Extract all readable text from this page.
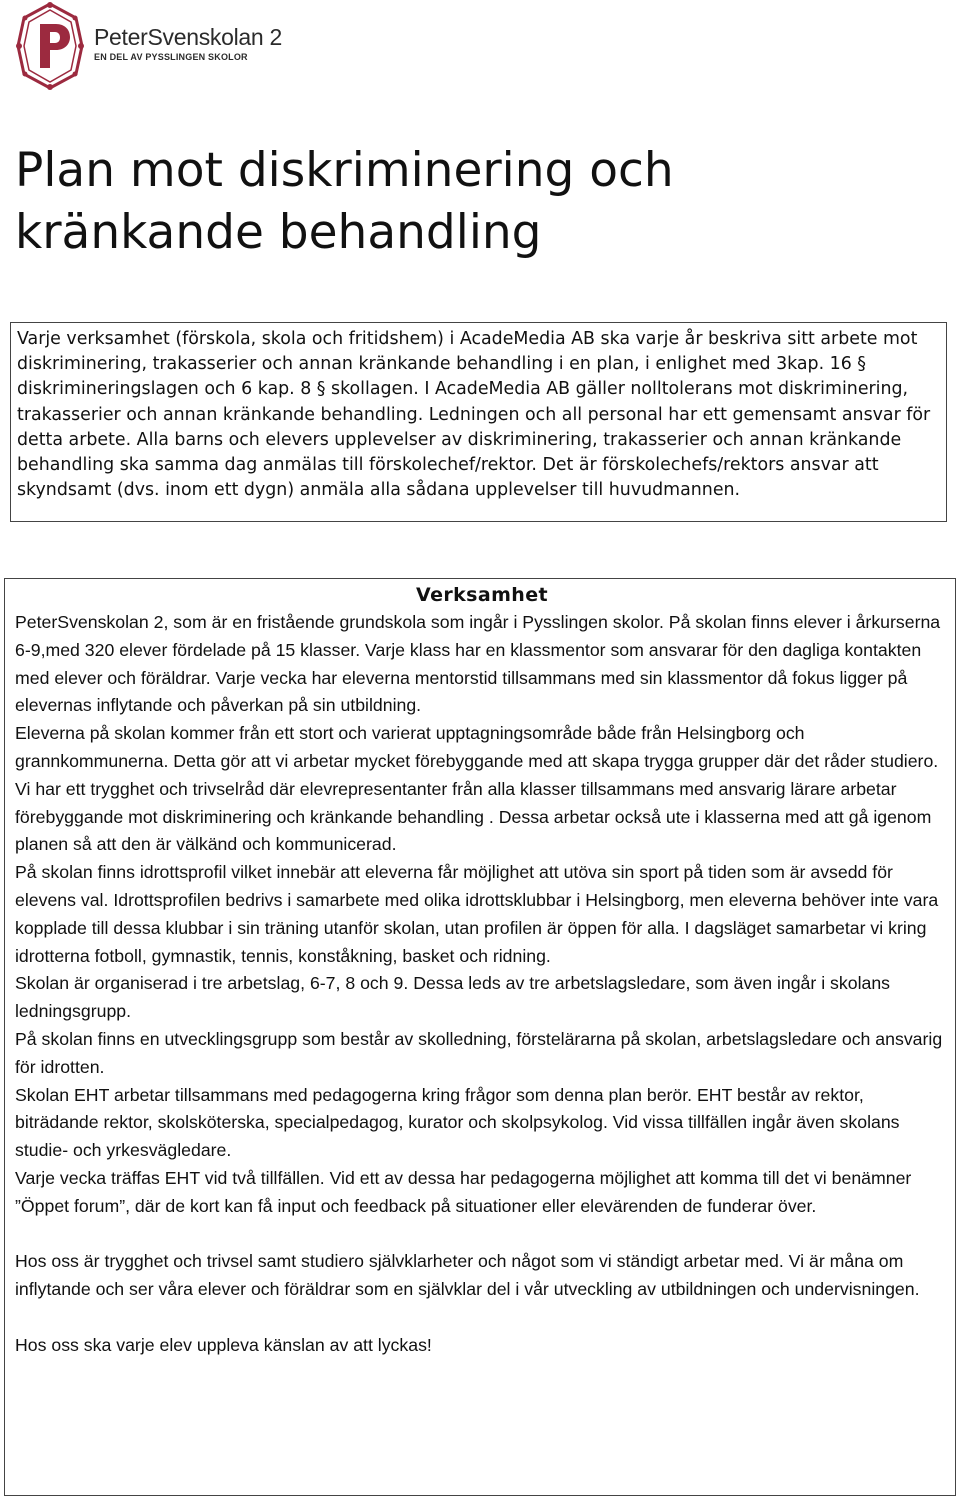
PeterSvenskolan 2
EN DEL AV PYSSLINGEN SKOLOR
Plan mot diskriminering och kränkande behandling
Varje verksamhet (förskola, skola och fritidshem) i AcadeMedia AB ska varje år beskriva sitt arbete mot diskriminering, trakasserier och annan kränkande behandling i en plan, i enlighet med 3kap. 16 § diskrimineringslagen och 6 kap. 8 § skollagen. I AcadeMedia AB gäller nolltolerans mot diskriminering, trakasserier och annan kränkande behandling. Ledningen och all personal har ett gemensamt ansvar för detta arbete. Alla barns och elevers upplevelser av diskriminering, trakasserier och annan kränkande behandling ska samma dag anmälas till förskolechef/rektor. Det är förskolechefs/rektors ansvar att skyndsamt (dvs. inom ett dygn) anmäla alla sådana upplevelser till huvudmannen.
Verksamhet

PeterSvenskolan 2, som är en fristående grundskola som ingår i Pysslingen skolor. På skolan finns elever i årkurserna 6-9,med 320 elever fördelade på 15 klasser. Varje klass har en klassmentor som ansvarar för den dagliga kontakten med elever och föräldrar. Varje vecka har eleverna mentorstid tillsammans med sin klassmentor då fokus ligger på elevernas inflytande och påverkan på sin utbildning.

Eleverna på skolan kommer från ett stort och varierat upptagningsområde både från Helsingborg och grannkommunerna. Detta gör att vi arbetar mycket förebyggande med att skapa trygga grupper där det råder studiero. Vi har ett trygghet och trivselråd där elevrepresentanter från alla klasser tillsammans med ansvarig lärare arbetar förebyggande mot diskriminering och kränkande behandling . Dessa arbetar också ute i klasserna med att gå igenom planen så att den är välkänd och kommunicerad.

På skolan finns idrottsprofil vilket innebär att eleverna får möjlighet att utöva sin sport på tiden som är avsedd för elevens val. Idrottsprofilen bedrivs i samarbete med olika idrottsklubbar i Helsingborg, men eleverna behöver inte vara kopplade till dessa klubbar i sin träning utanför skolan, utan profilen är öppen för alla. I dagsläget samarbetar vi kring idrotterna fotboll, gymnastik, tennis, konståkning, basket och ridning.

Skolan är organiserad i tre arbetslag, 6-7, 8 och 9. Dessa leds av tre arbetslagsledare, som även ingår i skolans ledningsgrupp.

På skolan finns en utvecklingsgrupp som består av skolledning, förstelärarna på skolan, arbetslagsledare och ansvarig för idrotten.

Skolan EHT arbetar tillsammans med pedagogerna kring frågor som denna plan berör. EHT består av rektor, biträdande rektor, skolsköterska, specialpedagog, kurator och skolpsykolog. Vid vissa tillfällen ingår även skolans studie- och yrkesvägledare.

Varje vecka träffas EHT vid två tillfällen. Vid ett av dessa har pedagogerna möjlighet att komma till det vi benämner ”Öppet forum”, där de kort kan få input och feedback på situationer eller elevärenden de funderar över.

Hos oss är trygghet och trivsel samt studiero självklarheter och något som vi ständigt arbetar med. Vi är måna om inflytande och ser våra elever och föräldrar som en självklar del i vår utveckling av utbildningen och undervisningen.

Hos oss ska varje elev uppleva känslan av att lyckas!
